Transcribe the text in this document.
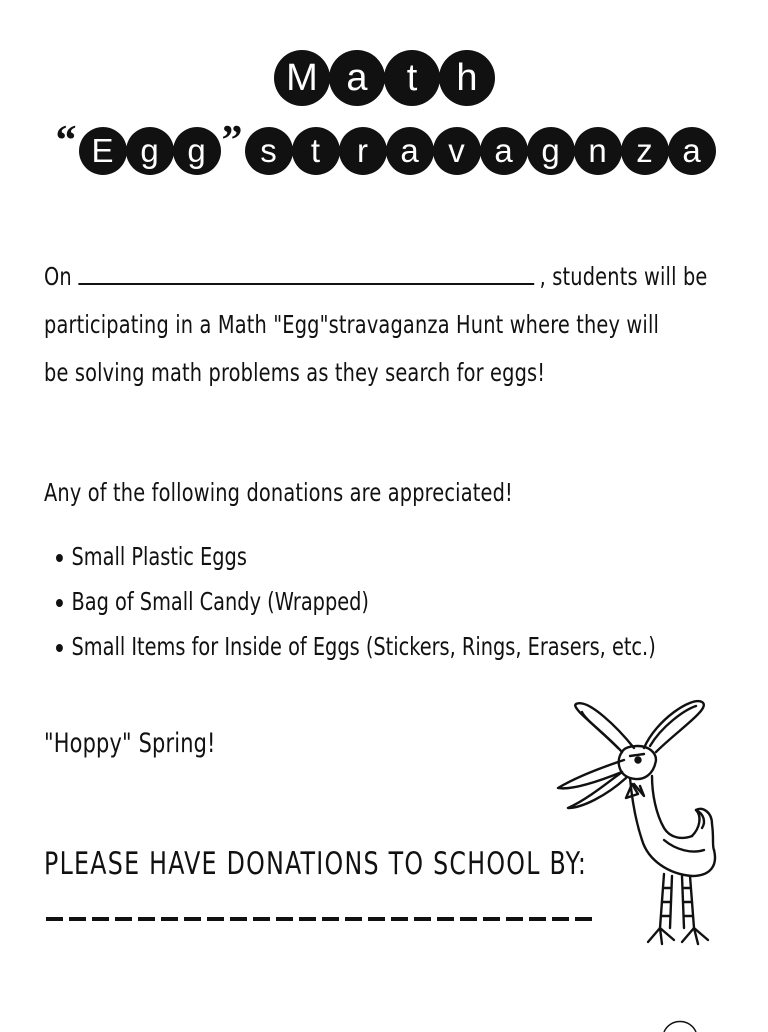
M a	t	h
“ E g g ” s	t	r a v a g n z a
On	, students will be
participating in a Math "Egg"stravaganza Hunt where they will
be solving math problems as they search for eggs!
Any of the following donations are appreciated!
Small Plastic Eggs
Bag of Small Candy (Wrapped)
Small Items for Inside of Eggs (Stickers, Rings, Erasers, etc.)
"Hoppy" Spring!
PLEASE HAVE DONATIONS TO SCHOOL BY:
